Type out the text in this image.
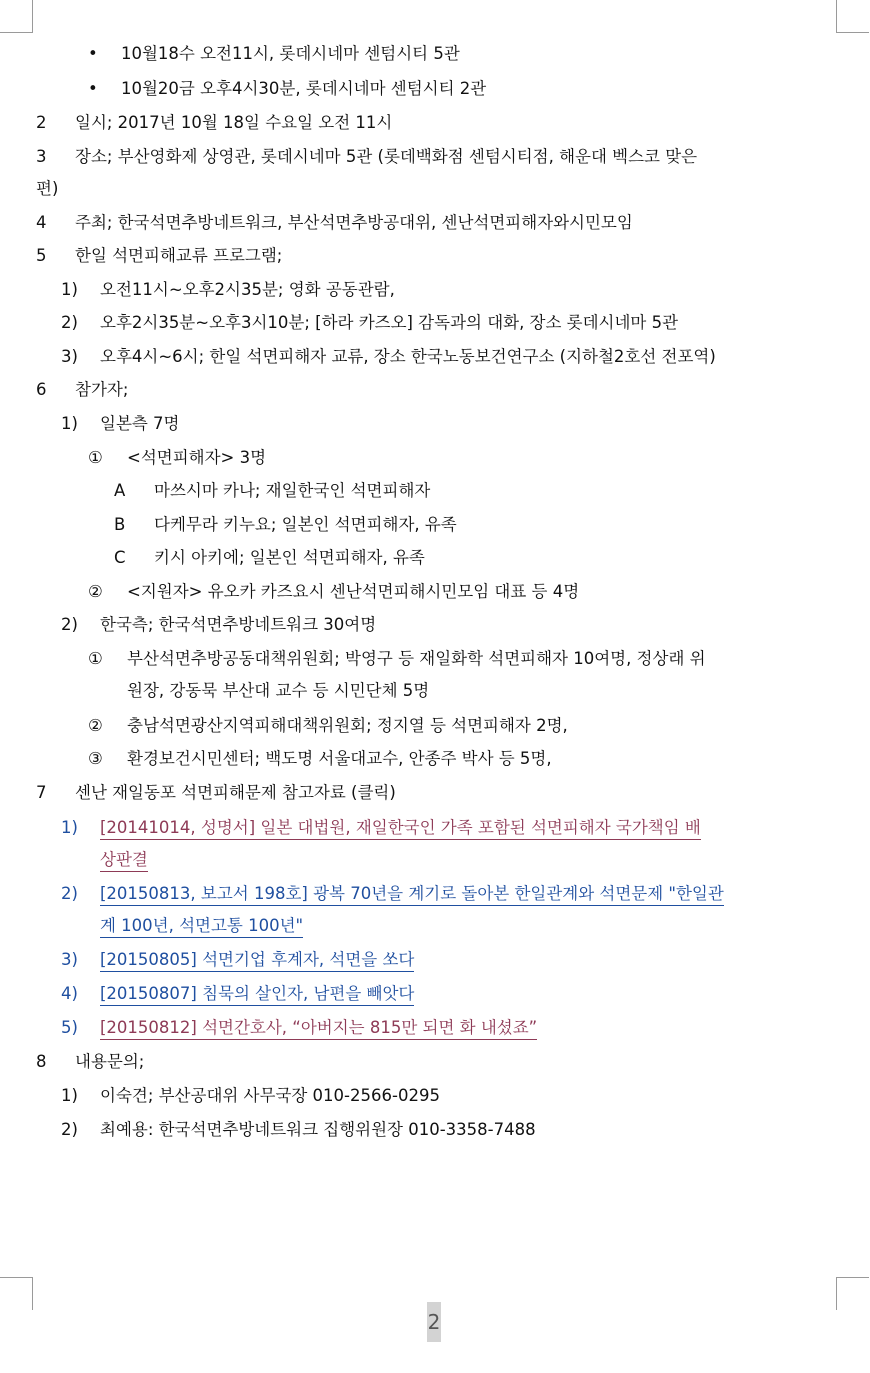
• 10월18수 오전11시, 롯데시네마 센텀시티 5관
• 10월20금 오후4시30분, 롯데시네마 센텀시티 2관
2 일시; 2017년 10월 18일 수요일 오전 11시
3 장소; 부산영화제 상영관, 롯데시네마 5관 (롯데백화점 센텀시티점, 해운대 벡스코 맞은
편)
4 주최; 한국석면추방네트워크, 부산석면추방공대위, 센난석면피해자와시민모임
5 한일 석면피해교류 프로그램;
1) 오전11시~오후2시35분; 영화 공동관람,
2) 오후2시35분~오후3시10분; [하라 카즈오] 감독과의 대화, 장소 롯데시네마 5관
3) 오후4시~6시; 한일 석면피해자 교류, 장소 한국노동보건연구소 (지하철2호선 전포역)
6 참가자;
1) 일본측 7명
① <석면피해자> 3명
A 마쓰시마 카나; 재일한국인 석면피해자
B 다케무라 키누요; 일본인 석면피해자, 유족
C 키시 아키에; 일본인 석면피해자, 유족
② <지원자> 유오카 카즈요시 센난석면피해시민모임 대표 등 4명
2) 한국측; 한국석면추방네트워크 30여명
① 부산석면추방공동대책위원회; 박영구 등 재일화학 석면피해자 10여명, 정상래 위
원장, 강동묵 부산대 교수 등 시민단체 5명
② 충남석면광산지역피해대책위원회; 정지열 등 석면피해자 2명,
③ 환경보건시민센터; 백도명 서울대교수, 안종주 박사 등 5명,
7 센난 재일동포 석면피해문제 참고자료 (클릭)
1) [20141014, 성명서] 일본 대법원, 재일한국인 가족 포함된 석면피해자 국가책임 배
상판결
2) [20150813, 보고서 198호] 광복 70년을 계기로 돌아본 한일관계와 석면문제 "한일관
계 100년, 석면고통 100년"
3) [20150805] 석면기업 후계자, 석면을 쏘다
4) [20150807] 침묵의 살인자, 남편을 빼앗다
5) [20150812] 석면간호사, “아버지는 815만 되면 화 내셨죠”
8 내용문의;
1) 이숙견; 부산공대위 사무국장 010-2566-0295
2) 최예용: 한국석면추방네트워크 집행위원장 010-3358-7488
2
